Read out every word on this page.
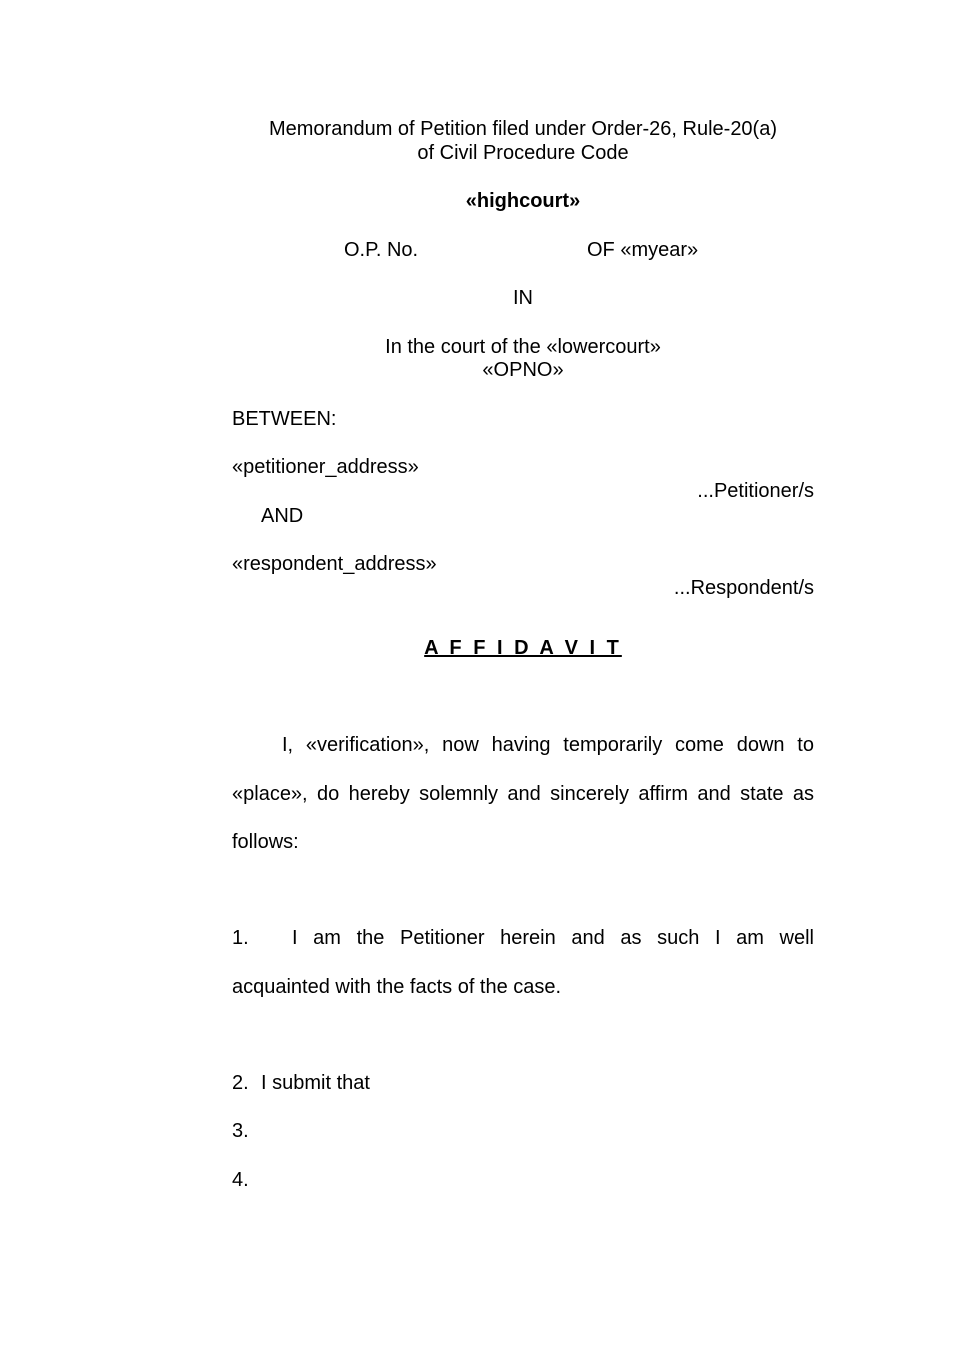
Memorandum of Petition filed under Order-26, Rule-20(a)
of Civil Procedure Code
«highcourt»
O.P. No.	OF «myear»
IN
In the court of the «lowercourt»
«OPNO»
BETWEEN:
«petitioner_address»
...Petitioner/s
AND
«respondent_address»
...Respondent/s
A F F I D A V I T
I, «verification», now having temporarily come down to
«place», do hereby solemnly and sincerely affirm and state as
follows:
1. I am the Petitioner herein and as such I am well
acquainted with the facts of the case.
2. I submit that
3.
4.
